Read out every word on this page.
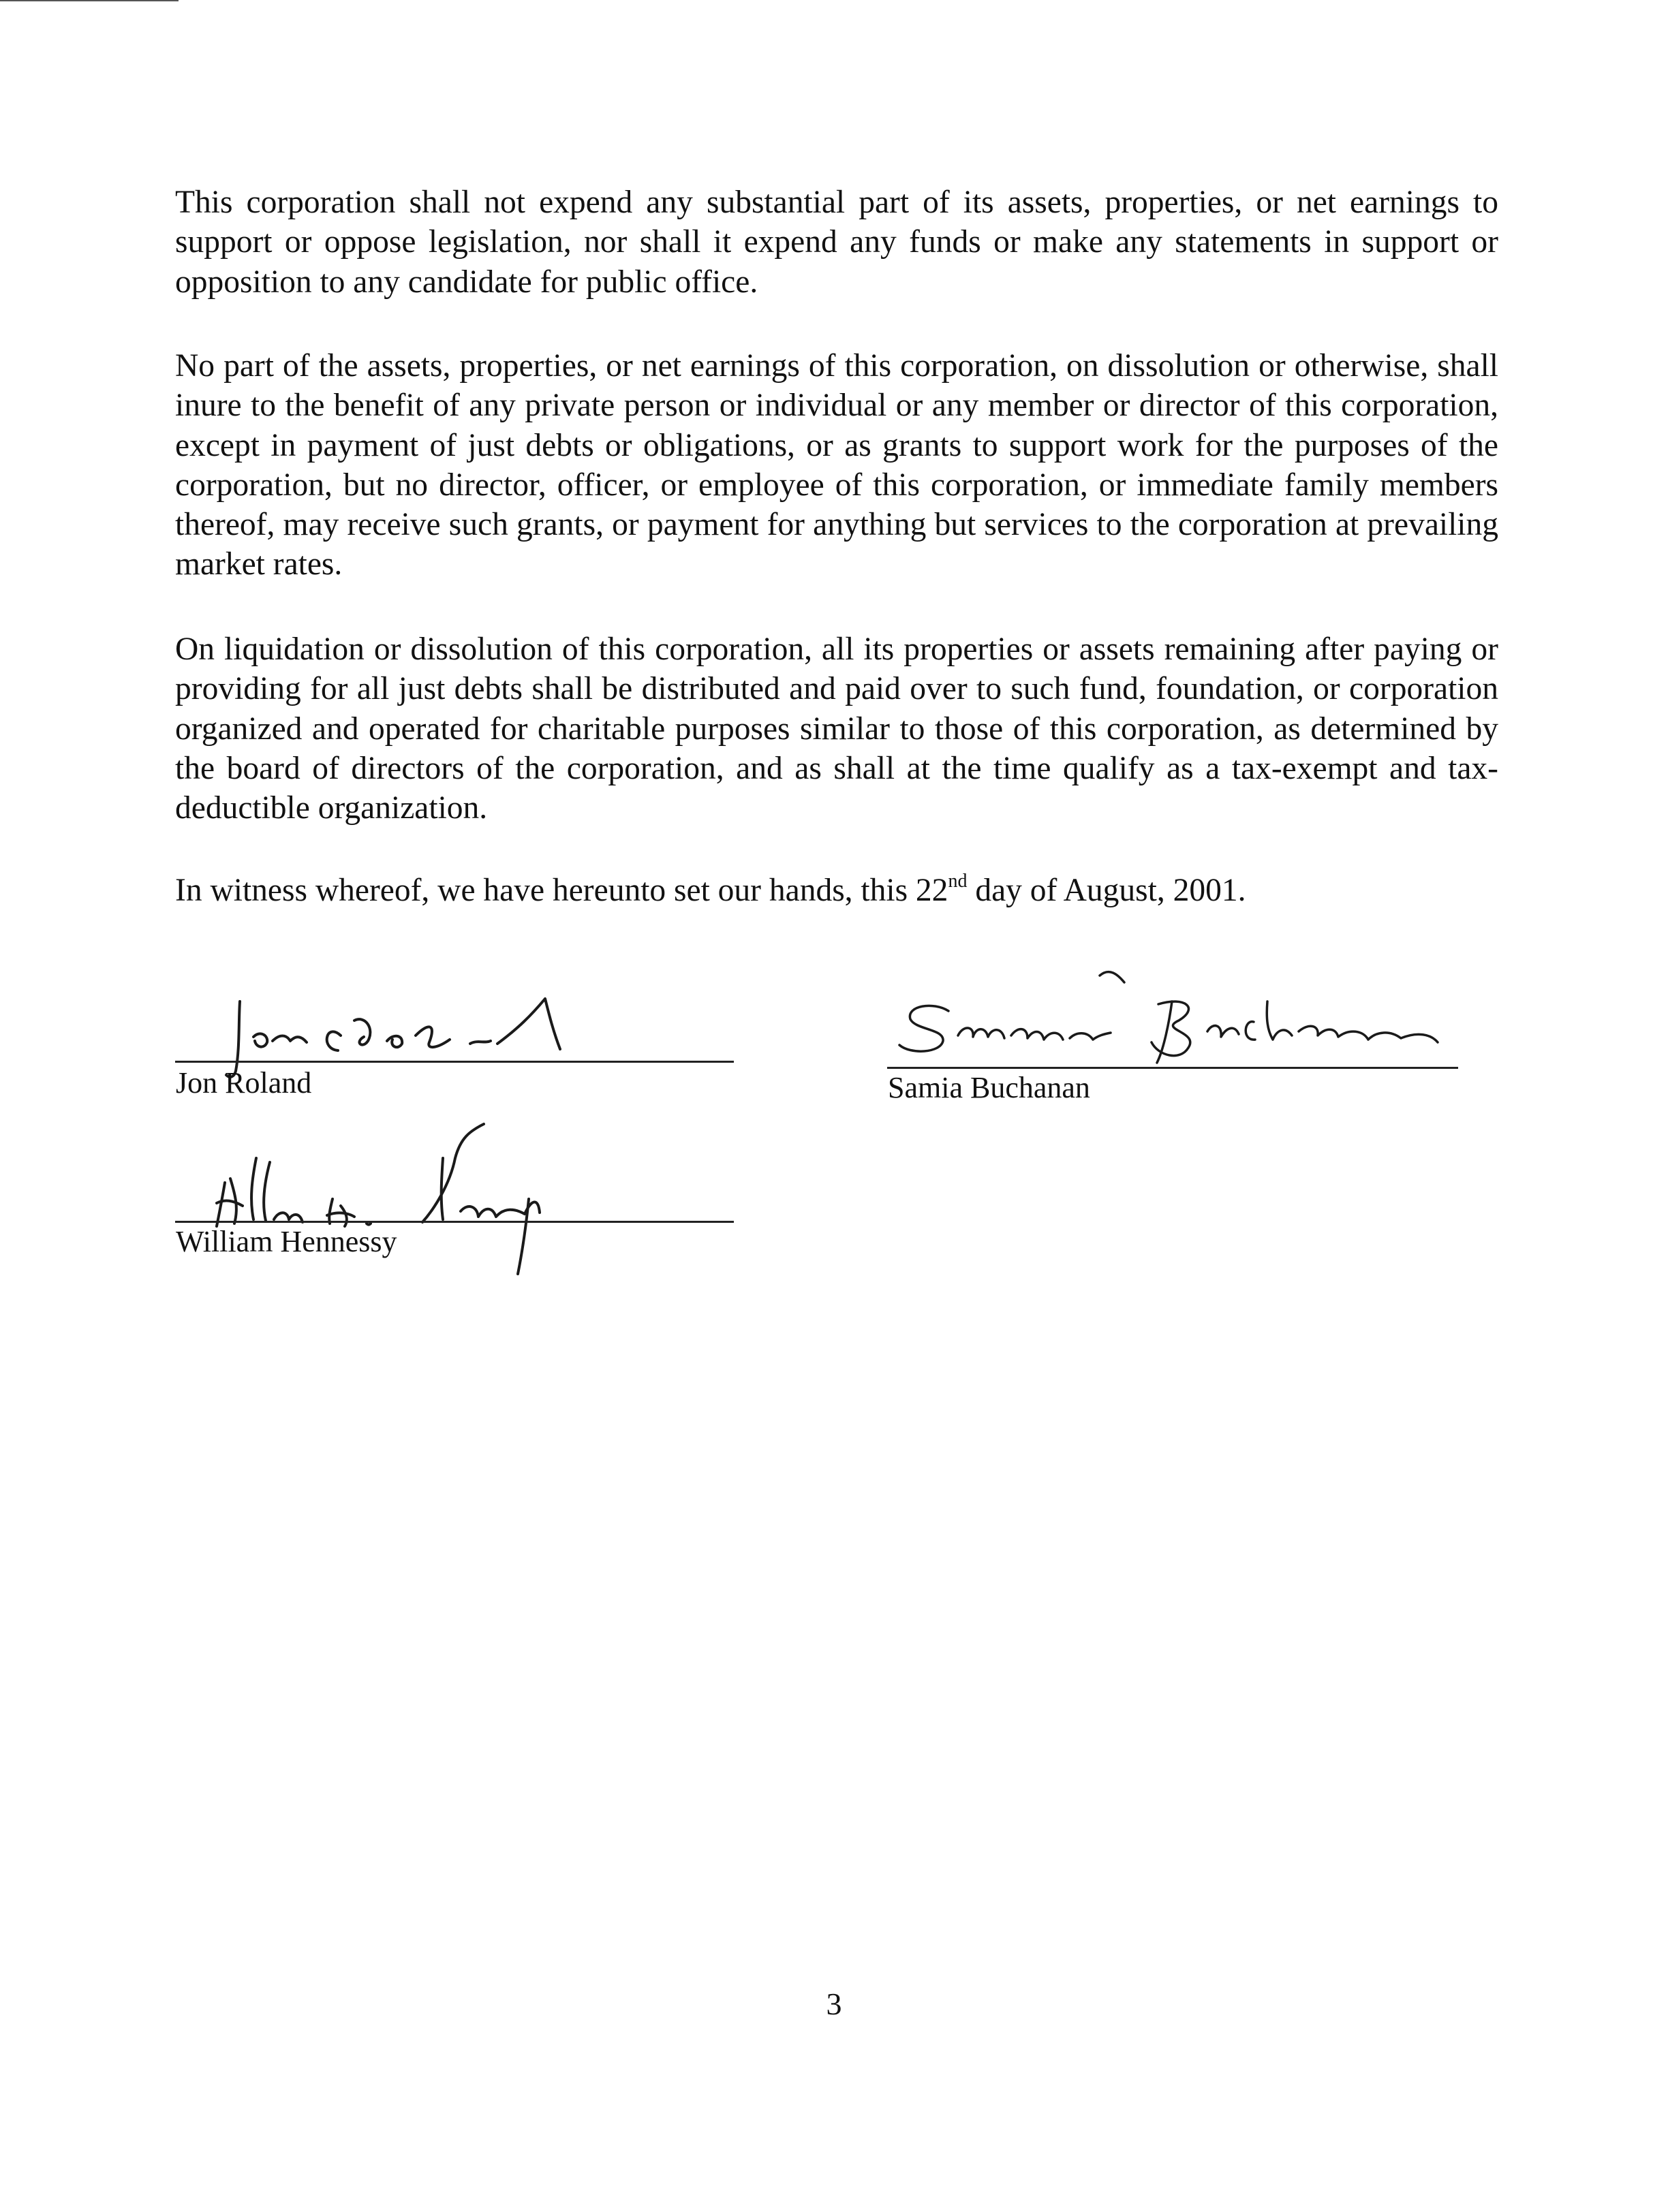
This corporation shall not expend any substantial part of its assets, properties, or net earnings to support or oppose legislation, nor shall it expend any funds or make any statements in support or opposition to any candidate for public office.

No part of the assets, properties, or net earnings of this corporation, on dissolution or otherwise, shall inure to the benefit of any private person or individual or any member or director of this corporation, except in payment of just debts or obligations, or as grants to support work for the purposes of the corporation, but no director, officer, or employee of this corporation, or immediate family members thereof, may receive such grants, or payment for anything but services to the corporation at prevailing market rates.

On liquidation or dissolution of this corporation, all its properties or assets remaining after paying or providing for all just debts shall be distributed and paid over to such fund, foundation, or corporation organized and operated for charitable purposes similar to those of this corporation, as determined by the board of directors of the corporation, and as shall at the time qualify as a tax-exempt and tax-deductible organization.

In witness whereof, we have hereunto set our hands, this 22nd day of August, 2001.

Jon Roland	Samia Buchanan
William Hennessy
3
